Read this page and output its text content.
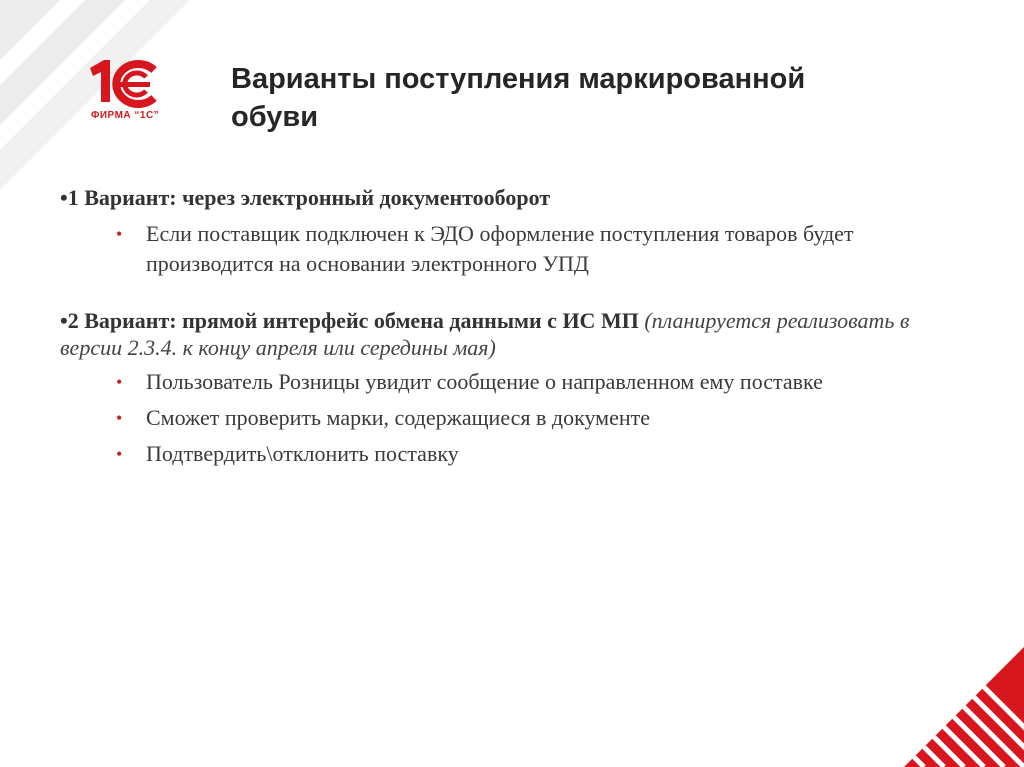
ФИРМА “1С”
Варианты поступления маркированной обуви
•1 Вариант: через электронный документооборот
• Если поставщик подключен к ЭДО оформление поступления товаров будет производится на основании электронного УПД
•2 Вариант: прямой интерфейс обмена данными с ИС МП (планируется реализовать в версии 2.3.4. к концу апреля или середины мая)
• Пользователь Розницы увидит сообщение о направленном ему поставке
• Сможет проверить марки, содержащиеся в документе
• Подтвердить\отклонить поставку
